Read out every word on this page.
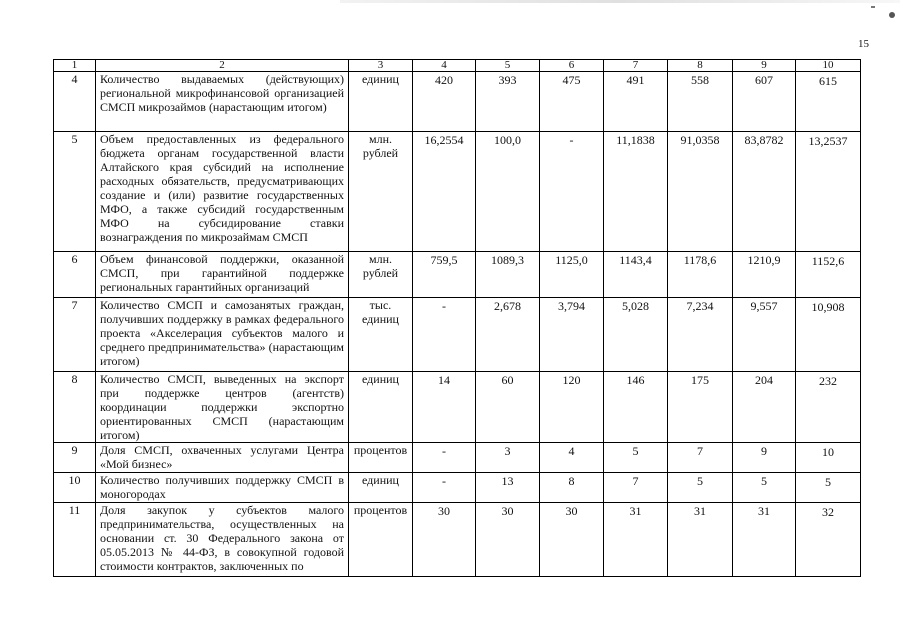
15
1	2	3	4	5	6	7	8	9	10
4	Количество выдаваемых (действующих) региональной микрофинансовой организацией СМСП микрозаймов (нарастающим итогом)	единиц	420	393	475	491	558	607	615
5	Объем предоставленных из федерального бюджета органам государственной власти Алтайского края субсидий на исполнение расходных обязательств, предусматривающих создание и (или) развитие государственных МФО, а также субсидий государственным МФО на субсидирование ставки вознаграждения по микрозаймам СМСП	млн. рублей	16,2554	100,0	-	11,1838	91,0358	83,8782	13,2537
6	Объем финансовой поддержки, оказанной СМСП, при гарантийной поддержке региональных гарантийных организаций	млн. рублей	759,5	1089,3	1125,0	1143,4	1178,6	1210,9	1152,6
7	Количество СМСП и самозанятых граждан, получивших поддержку в рамках федерального проекта «Акселерация субъектов малого и среднего предпринимательства» (нарастающим итогом)	тыс. единиц	-	2,678	3,794	5,028	7,234	9,557	10,908
8	Количество СМСП, выведенных на экспорт при поддержке центров (агентств) координации поддержки экспортно ориентированных СМСП (нарастающим итогом)	единиц	14	60	120	146	175	204	232
9	Доля СМСП, охваченных услугами Центра «Мой бизнес»	процентов	-	3	4	5	7	9	10
10	Количество получивших поддержку СМСП в моногородах	единиц	-	13	8	7	5	5	5
11	Доля закупок у субъектов малого предпринимательства, осуществленных на основании ст. 30 Федерального закона от 05.05.2013 № 44-ФЗ, в совокупной годовой стоимости контрактов, заключенных по	процентов	30	30	30	31	31	31	32
